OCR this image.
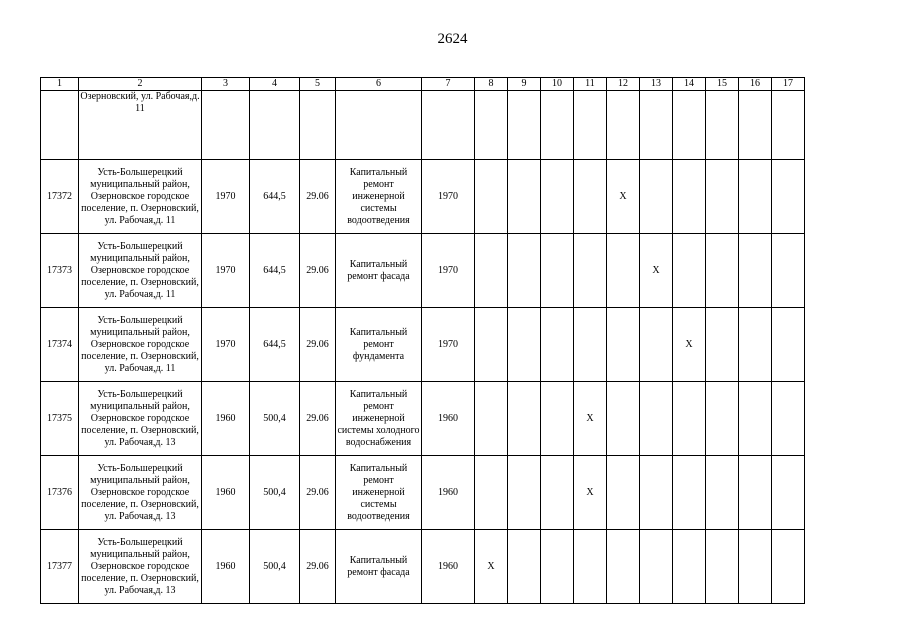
2624
1	2	3	4	5	6	7	8	9	10	11	12	13	14	15	16	17
	Озерновский, ул. Рабочая,д. 11															
17372	Усть-Большерецкий муниципальный район, Озерновское городское поселение, п. Озерновский, ул. Рабочая,д. 11	1970	644,5	29.06	Капитальный ремонт инженерной системы водоотведения	1970					Х					
17373	Усть-Большерецкий муниципальный район, Озерновское городское поселение, п. Озерновский, ул. Рабочая,д. 11	1970	644,5	29.06	Капитальный ремонт фасада	1970						Х				
17374	Усть-Большерецкий муниципальный район, Озерновское городское поселение, п. Озерновский, ул. Рабочая,д. 11	1970	644,5	29.06	Капитальный ремонт фундамента	1970							Х			
17375	Усть-Большерецкий муниципальный район, Озерновское городское поселение, п. Озерновский, ул. Рабочая,д. 13	1960	500,4	29.06	Капитальный ремонт инженерной системы холодного водоснабжения	1960				Х						
17376	Усть-Большерецкий муниципальный район, Озерновское городское поселение, п. Озерновский, ул. Рабочая,д. 13	1960	500,4	29.06	Капитальный ремонт инженерной системы водоотведения	1960				Х						
17377	Усть-Большерецкий муниципальный район, Озерновское городское поселение, п. Озерновский, ул. Рабочая,д. 13	1960	500,4	29.06	Капитальный ремонт фасада	1960	Х									
